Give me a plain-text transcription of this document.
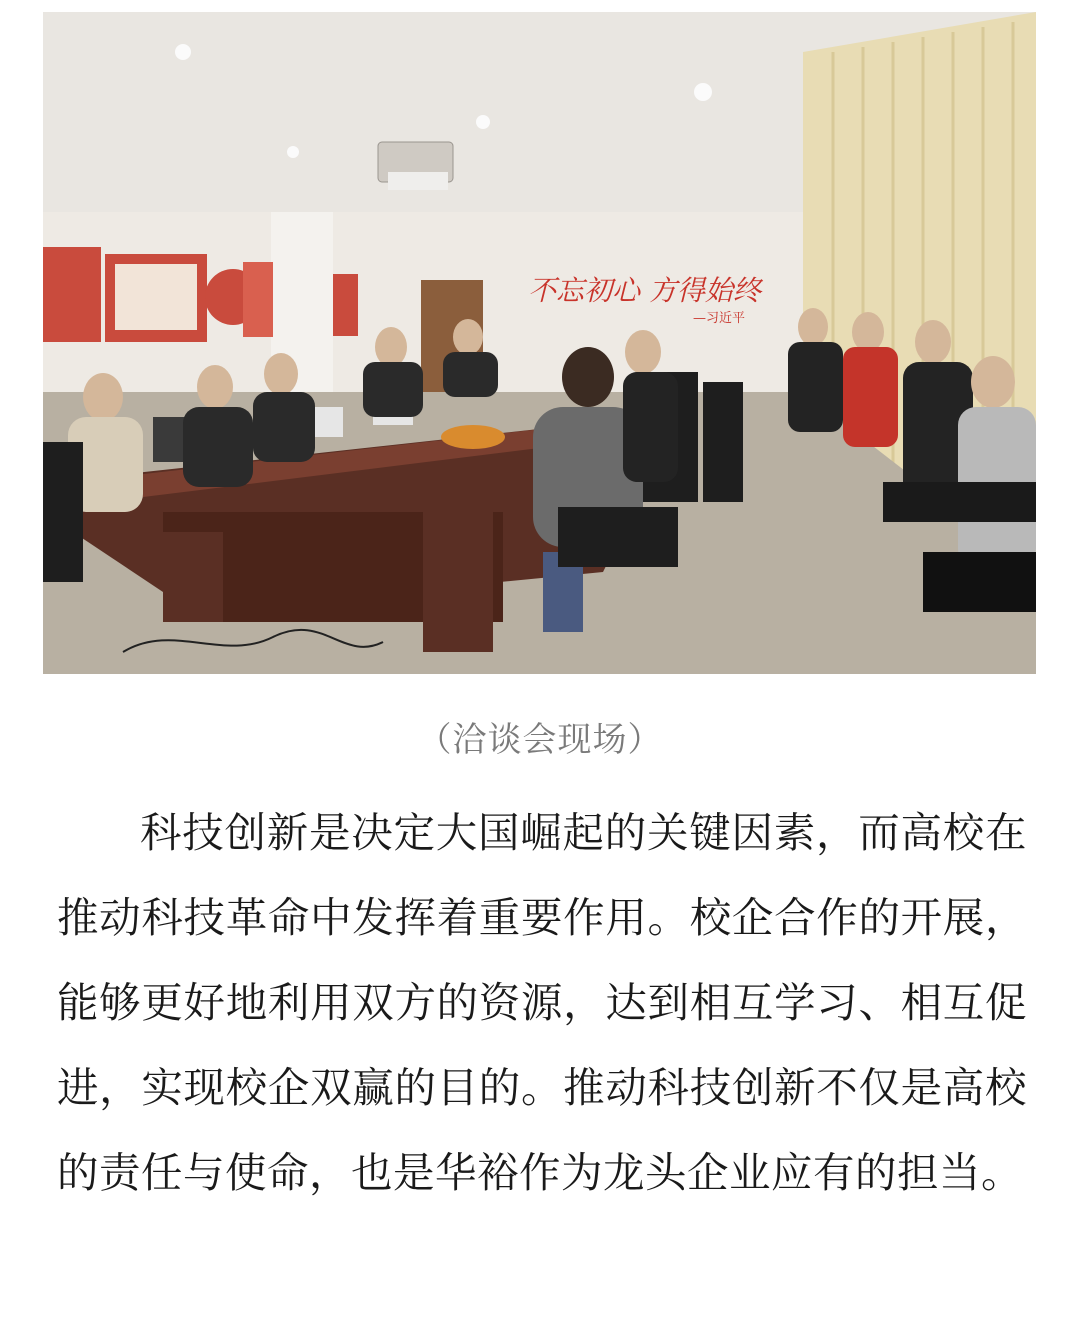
不忘初心 方得始终
—习近平
（洽谈会现场）

科技创新是决定大国崛起的关键因素，而高校在推动科技革命中发挥着重要作用。校企合作的开展，能够更好地利用双方的资源，达到相互学习、相互促进，实现校企双赢的目的。推动科技创新不仅是高校的责任与使命，也是华裕作为龙头企业应有的担当。
